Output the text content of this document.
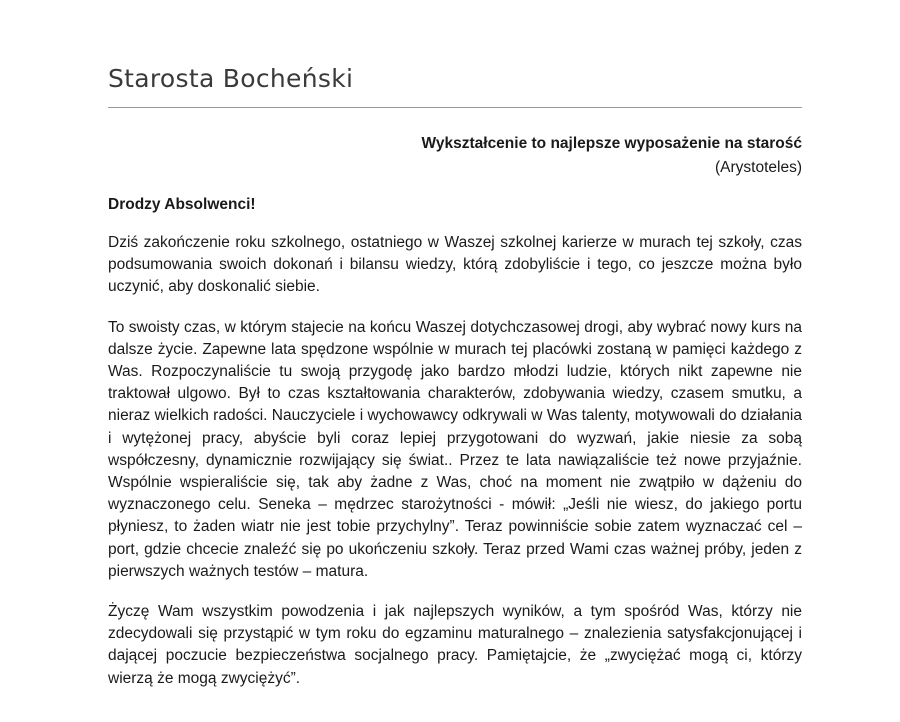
Starosta Bocheński
Wykształcenie to najlepsze wyposażenie na starość
(Arystoteles)
Drodzy Absolwenci!

Dziś zakończenie roku szkolnego, ostatniego w Waszej szkolnej karierze w murach tej szkoły, czas podsumowania swoich dokonań i bilansu wiedzy, którą zdobyliście i tego, co jeszcze można było uczynić, aby doskonalić siebie.

To swoisty czas, w którym stajecie na końcu Waszej dotychczasowej drogi, aby wybrać nowy kurs na dalsze życie. Zapewne lata spędzone wspólnie w murach tej placówki zostaną w pamięci każdego z Was. Rozpoczynaliście tu swoją przygodę jako bardzo młodzi ludzie, których nikt zapewne nie traktował ulgowo. Był to czas kształtowania charakterów, zdobywania wiedzy, czasem smutku, a nieraz wielkich radości. Nauczyciele i wychowawcy odkrywali w Was talenty, motywowali do działania i wytężonej pracy, abyście byli coraz lepiej przygotowani do wyzwań, jakie niesie za sobą współczesny, dynamicznie rozwijający się świat.. Przez te lata nawiązaliście też nowe przyjaźnie. Wspólnie wspieraliście się, tak aby żadne z Was, choć na moment nie zwątpiło w dążeniu do wyznaczonego celu. Seneka – mędrzec starożytności - mówił: „Jeśli nie wiesz, do jakiego portu płyniesz, to żaden wiatr nie jest tobie przychylny”. Teraz powinniście sobie zatem wyznaczać cel – port, gdzie chcecie znaleźć się po ukończeniu szkoły. Teraz przed Wami czas ważnej próby, jeden z pierwszych ważnych testów – matura.

Życzę Wam wszystkim powodzenia i jak najlepszych wyników, a tym spośród Was, którzy nie zdecydowali się przystąpić w tym roku do egzaminu maturalnego – znalezienia satysfakcjonującej i dającej poczucie bezpieczeństwa socjalnego pracy. Pamiętajcie, że „zwyciężać mogą ci, którzy wierzą że mogą zwyciężyć”.
